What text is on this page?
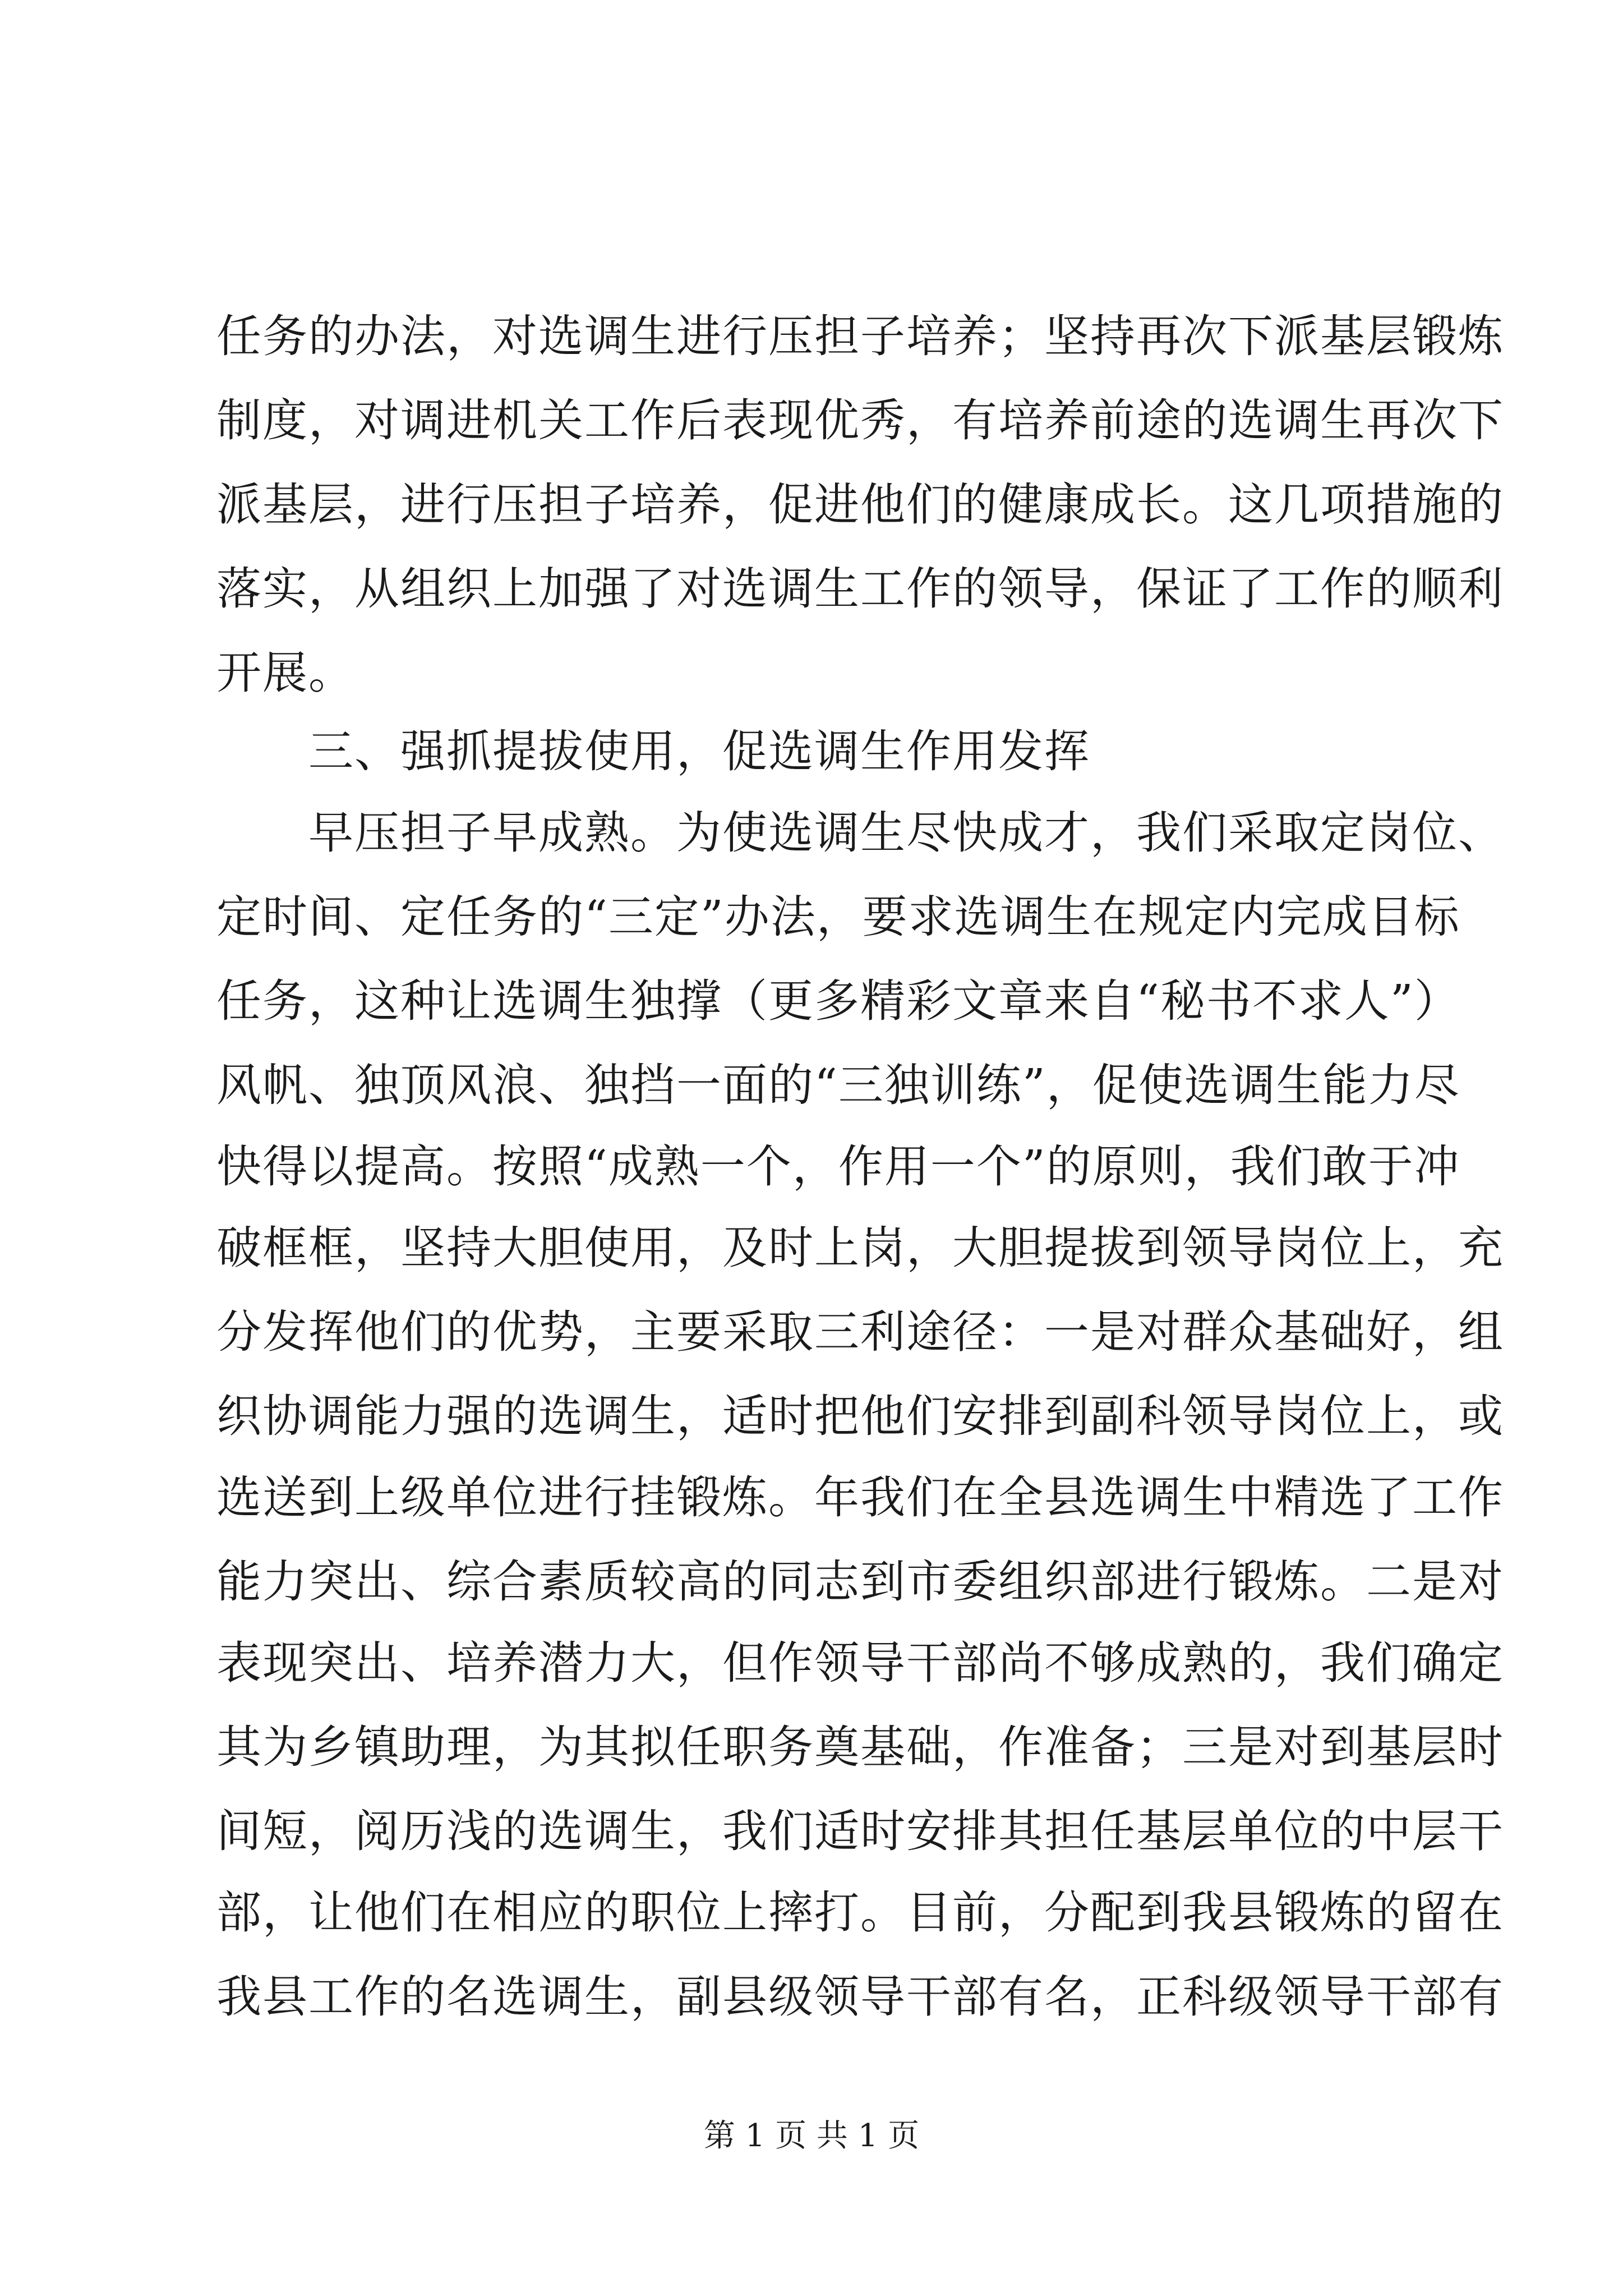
任务的办法，对选调生进行压担子培养；坚持再次下派基层锻炼
制度，对调进机关工作后表现优秀，有培养前途的选调生再次下
派基层，进行压担子培养，促进他们的健康成长。这几项措施的
落实，从组织上加强了对选调生工作的领导，保证了工作的顺利
开展。
　　三、强抓提拔使用，促选调生作用发挥
　　早压担子早成熟。为使选调生尽快成才，我们采取定岗位、
定时间、定任务的“三定”办法，要求选调生在规定内完成目标
任务，这种让选调生独撑（更多精彩文章来自“秘书不求人”）
风帆、独顶风浪、独挡一面的“三独训练”，促使选调生能力尽
快得以提高。按照“成熟一个，作用一个”的原则，我们敢于冲
破框框，坚持大胆使用，及时上岗，大胆提拔到领导岗位上，充
分发挥他们的优势，主要采取三利途径：一是对群众基础好，组
织协调能力强的选调生，适时把他们安排到副科领导岗位上，或
选送到上级单位进行挂锻炼。年我们在全县选调生中精选了工作
能力突出、综合素质较高的同志到市委组织部进行锻炼。二是对
表现突出、培养潜力大，但作领导干部尚不够成熟的，我们确定
其为乡镇助理，为其拟任职务奠基础，作准备；三是对到基层时
间短，阅历浅的选调生，我们适时安排其担任基层单位的中层干
部，让他们在相应的职位上摔打。目前，分配到我县锻炼的留在
我县工作的名选调生，副县级领导干部有名，正科级领导干部有
第 1 页 共 1 页
